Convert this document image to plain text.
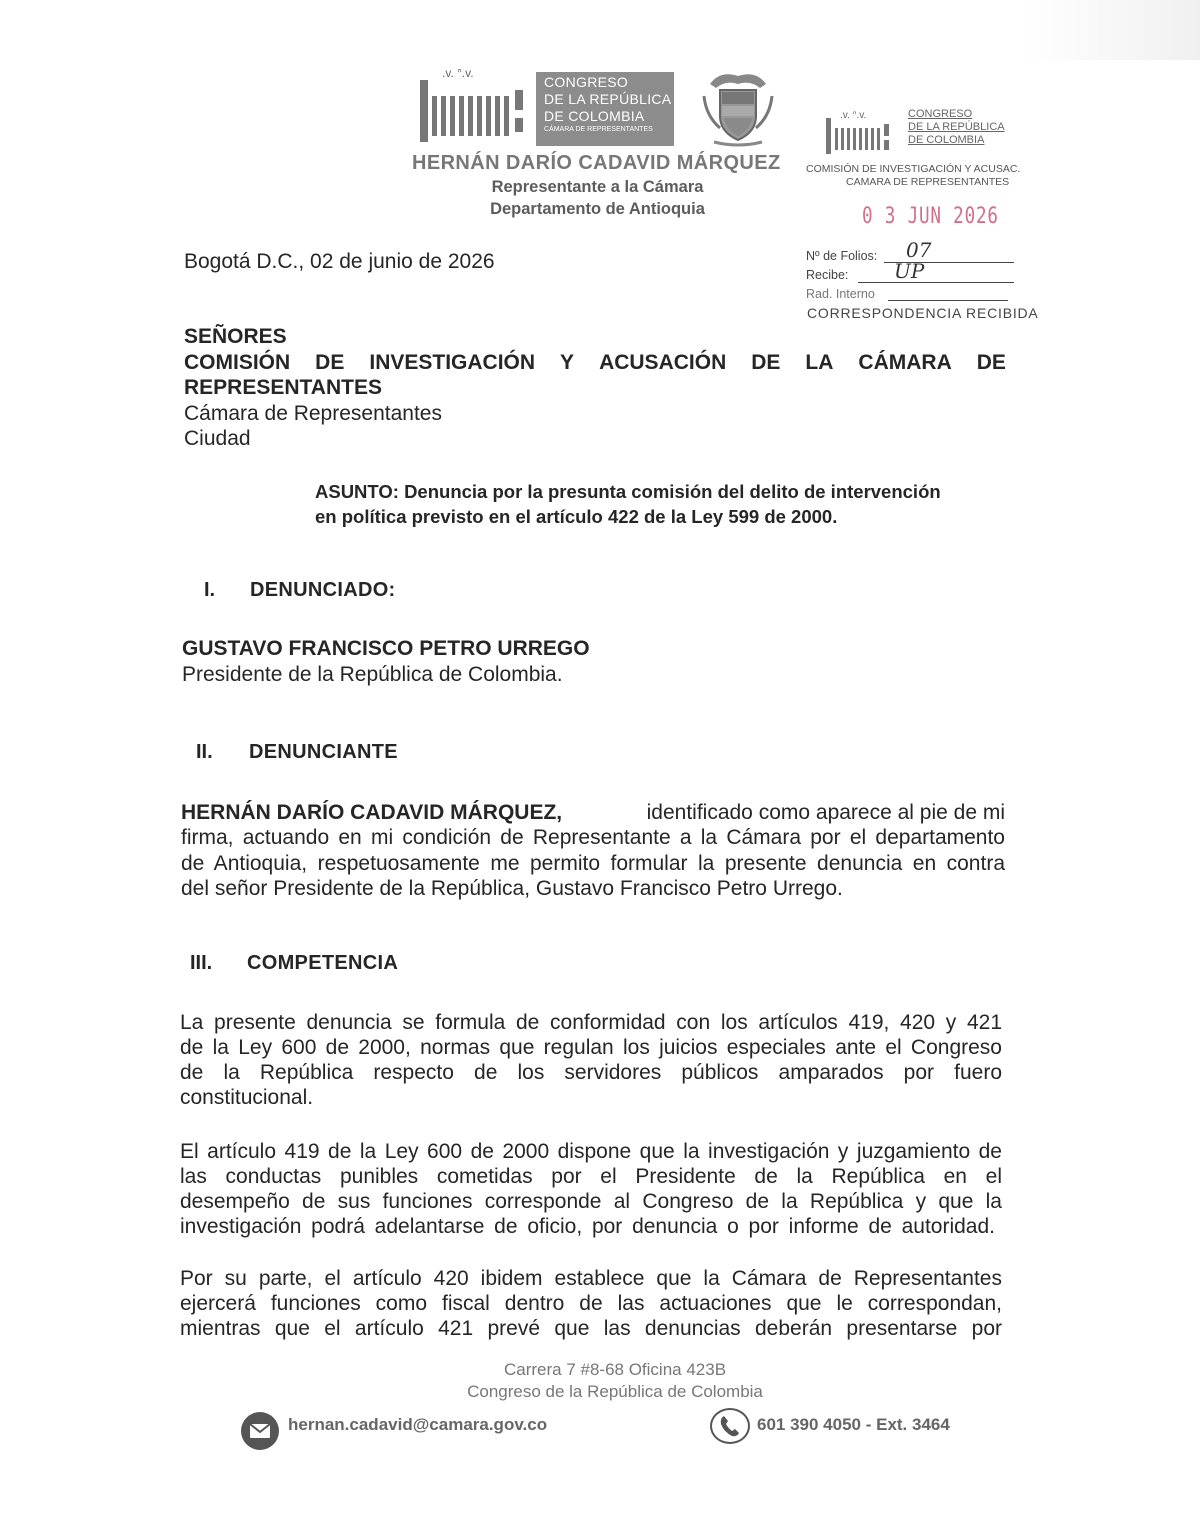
.v. ᐢ.v.
CONGRESO
DE LA REPÚBLICA
DE COLOMBIA
CÁMARA DE REPRESENTANTES
HERNÁN DARÍO CADAVID MÁRQUEZ
Representante a la Cámara
Departamento de Antioquia
.v. ᐢ.v.	CONGRESO
DE LA REPÚBLICA
DE COLOMBIA
COMISIÓN DE INVESTIGACIÓN Y ACUSAC.
CAMARA DE REPRESENTANTES
0 3 JUN 2026
Nº de Folios: 07
Recibe: UP
Rad. Interno
CORRESPONDENCIA RECIBIDA
Bogotá D.C., 02 de junio de 2026
SEÑORES
COMISIÓN DE INVESTIGACIÓN Y ACUSACIÓN DE LA CÁMARA DE
REPRESENTANTES
Cámara de Representantes
Ciudad
ASUNTO: Denuncia por la presunta comisión del delito de intervención
en política previsto en el artículo 422 de la Ley 599 de 2000.
I. DENUNCIADO:
GUSTAVO FRANCISCO PETRO URREGO
Presidente de la República de Colombia.
II. DENUNCIANTE
HERNÁN DARÍO CADAVID MÁRQUEZ,	identificado como aparece al pie de mi
firma, actuando en mi condición de Representante a la Cámara por el departamento
de Antioquia, respetuosamente me permito formular la presente denuncia en contra
del señor Presidente de la República, Gustavo Francisco Petro Urrego.
III. COMPETENCIA
La presente denuncia se formula de conformidad con los artículos 419, 420 y 421
de la Ley 600 de 2000, normas que regulan los juicios especiales ante el Congreso
de la República respecto de los servidores públicos amparados por fuero
constitucional.
El artículo 419 de la Ley 600 de 2000 dispone que la investigación y juzgamiento de
las conductas punibles cometidas por el Presidente de la República en el
desempeño de sus funciones corresponde al Congreso de la República y que la
investigación podrá adelantarse de oficio, por denuncia o por informe de autoridad.
Por su parte, el artículo 420 ibidem establece que la Cámara de Representantes
ejercerá funciones como fiscal dentro de las actuaciones que le correspondan,
mientras que el artículo 421 prevé que las denuncias deberán presentarse por
Carrera 7 #8-68 Oficina 423B
Congreso de la República de Colombia
hernan.cadavid@camara.gov.co	601 390 4050 - Ext. 3464
